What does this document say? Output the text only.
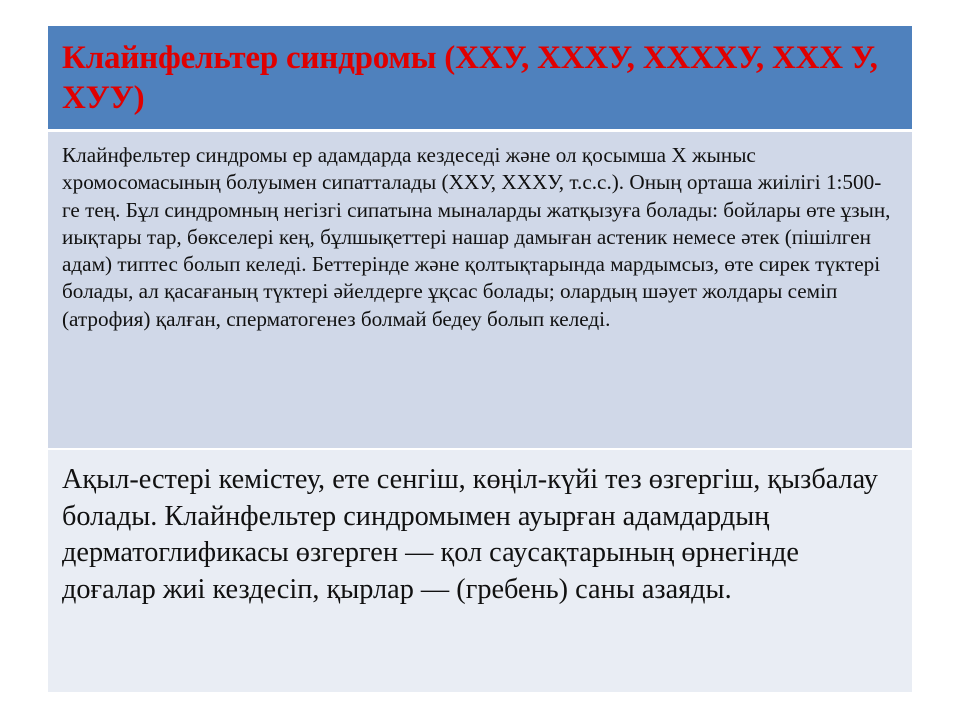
Клайнфельтер синдромы (XXУ, XXXУ, XXXXУ, XXX У, XУУ)

Клайнфельтер синдромы ер адамдарда кездеседі және ол қосымша Х жыныс хромосомасының болуымен сипатталады (ХХУ, ХХХУ, т.с.с.). Оның орташа жиілігі 1:500-ге тең. Бұл синдромның негізгі сипатына мыналарды жатқызуға болады: бойлары өте ұзын, иықтары тар, бөкселері кең, бұлшықеттері нашар дамыған астеник немесе әтек (пішілген адам) типтес болып келеді. Беттерінде және қолтықтарында мардымсыз, өте сирек түктері болады, ал қасағаның түктері әйелдерге ұқсас болады; олардың шәует жолдары семіп (атрофия) қалған, сперматогенез болмай бедеу болып келеді.

Ақыл-естері кемістеу, ете сенгіш, көңіл-күйі тез өзгергіш, қызбалау болады. Клайнфельтер синдромымен ауырған адамдардың дерматоглификасы өзгерген — қол саусақтарының өрнегінде доғалар жиі кездесіп, қырлар — (гребень) саны азаяды.
